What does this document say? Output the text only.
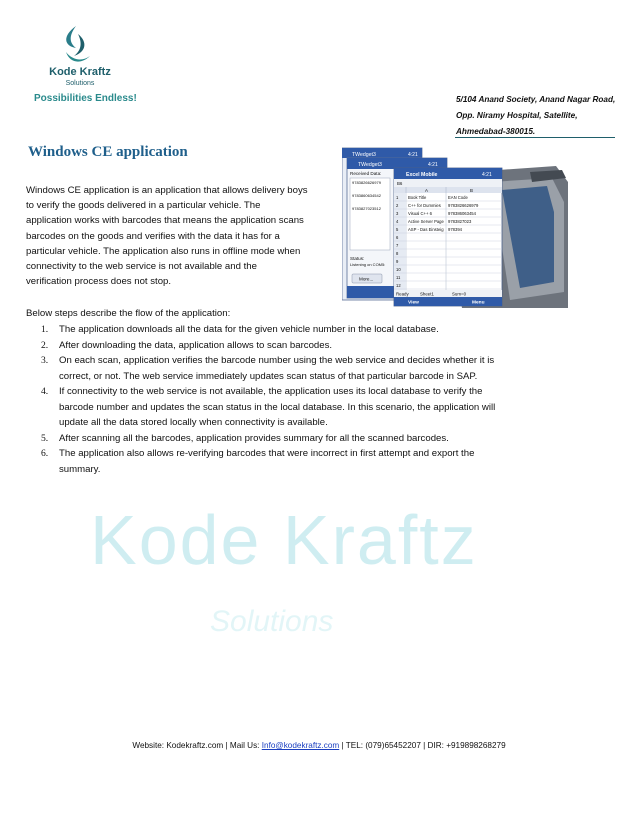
Kode Kraftz
Solutions
Possibilities Endless!	5/104 Anand Society, Anand Nagar Road,
Opp. Niramy Hospital, Satellite,
Ahmedabad-380015.
Kode Kraftz
Solutions
Windows CE application
Windows CE application is an application that allows delivery boys
to verify the goods delivered in a particular vehicle. The
application works with barcodes that means the application scans
barcodes on the goods and verifies with the data it has for a
particular vehicle. The application also runs in offline mode when
connectivity to the web service is not available and the
verification process does not stop.
TWedget3	4:21
TWedget3	4:21
Received Data:
9783826626979
9783860634542
9783827023512
Status:
Listening on COM5:
More...
Excel Mobile	4:21
B6
A	B
1 Book Title	EAN Code
2 C++ for Dummies 9783826626979
3 Visual C++ 6	978386063454
4 Active Server Page 9783827023
5 ASP - Das Einsteig 978394
6
7
8
9
10
11
12
Ready	Sheet1	Sum=0
View	Menu
Below steps describe the flow of the application:
1. The application downloads all the data for the given vehicle number in the local database.
2. After downloading the data, application allows to scan barcodes.
3. On each scan, application verifies the barcode number using the web service and decides whether it is
correct, or not. The web service immediately updates scan status of that particular barcode in SAP.
4. If connectivity to the web service is not available, the application uses its local database to verify the
barcode number and updates the scan status in the local database. In this scenario, the application will
update all the data stored locally when connectivity is available.
5. After scanning all the barcodes, application provides summary for all the scanned barcodes.
6. The application also allows re-verifying barcodes that were incorrect in first attempt and export the
summary.
Website: Kodekraftz.com | Mail Us: Info@kodekraftz.com | TEL: (079)65452207 | DIR: +919898268279
